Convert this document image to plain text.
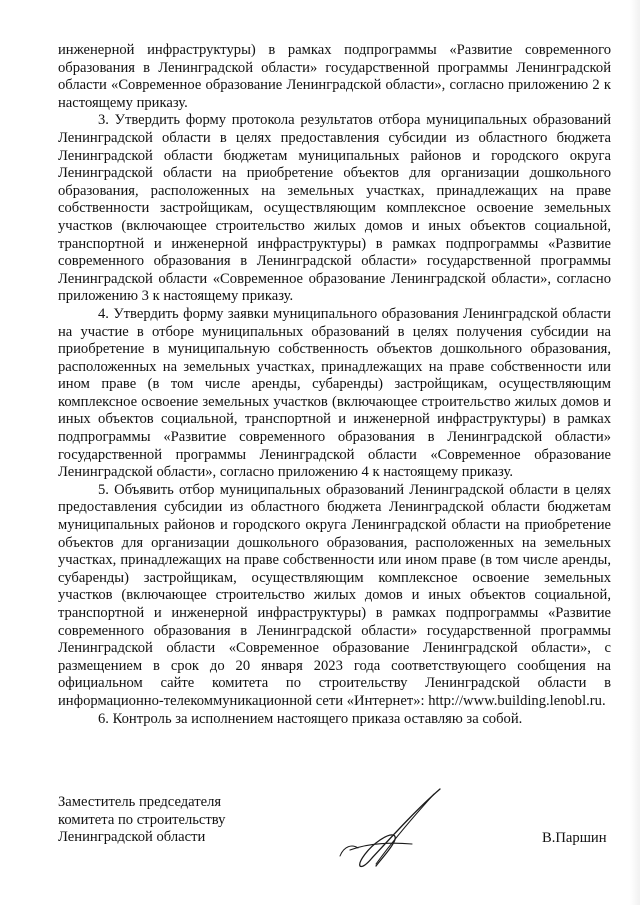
инженерной инфраструктуры) в рамках подпрограммы «Развитие современного образования в Ленинградской области» государственной программы Ленинградской области «Современное образование Ленинградской области», согласно приложению 2 к настоящему приказу.

3. Утвердить форму протокола результатов отбора муниципальных образований Ленинградской области в целях предоставления субсидии из областного бюджета Ленинградской области бюджетам муниципальных районов и городского округа Ленинградской области на приобретение объектов для организации дошкольного образования, расположенных на земельных участках, принадлежащих на праве собственности застройщикам, осуществляющим комплексное освоение земельных участков (включающее строительство жилых домов и иных объектов социальной, транспортной и инженерной инфраструктуры) в рамках подпрограммы «Развитие современного образования в Ленинградской области» государственной программы Ленинградской области «Современное образование Ленинградской области», согласно приложению 3 к настоящему приказу.

4. Утвердить форму заявки муниципального образования Ленинградской области на участие в отборе муниципальных образований в целях получения субсидии на приобретение в муниципальную собственность объектов дошкольного образования, расположенных на земельных участках, принадлежащих на праве собственности или ином праве (в том числе аренды, субаренды) застройщикам, осуществляющим комплексное освоение земельных участков (включающее строительство жилых домов и иных объектов социальной, транспортной и инженерной инфраструктуры) в рамках подпрограммы «Развитие современного образования в Ленинградской области» государственной программы Ленинградской области «Современное образование Ленинградской области», согласно приложению 4 к настоящему приказу.

5. Объявить отбор муниципальных образований Ленинградской области в целях предоставления субсидии из областного бюджета Ленинградской области бюджетам муниципальных районов и городского округа Ленинградской области на приобретение объектов для организации дошкольного образования, расположенных на земельных участках, принадлежащих на праве собственности или ином праве (в том числе аренды, субаренды) застройщикам, осуществляющим комплексное освоение земельных участков (включающее строительство жилых домов и иных объектов социальной, транспортной и инженерной инфраструктуры) в рамках подпрограммы «Развитие современного образования в Ленинградской области» государственной программы Ленинградской области «Современное образование Ленинградской области», с размещением в срок до 20 января 2023 года соответствующего сообщения на официальном сайте комитета по строительству Ленинградской области в информационно-телекоммуникационной сети «Интернет»: http://www.building.lenobl.ru.

6. Контроль за исполнением настоящего приказа оставляю за собой.

Заместитель председателя
комитета по строительству
Ленинградской области	В.Паршин
